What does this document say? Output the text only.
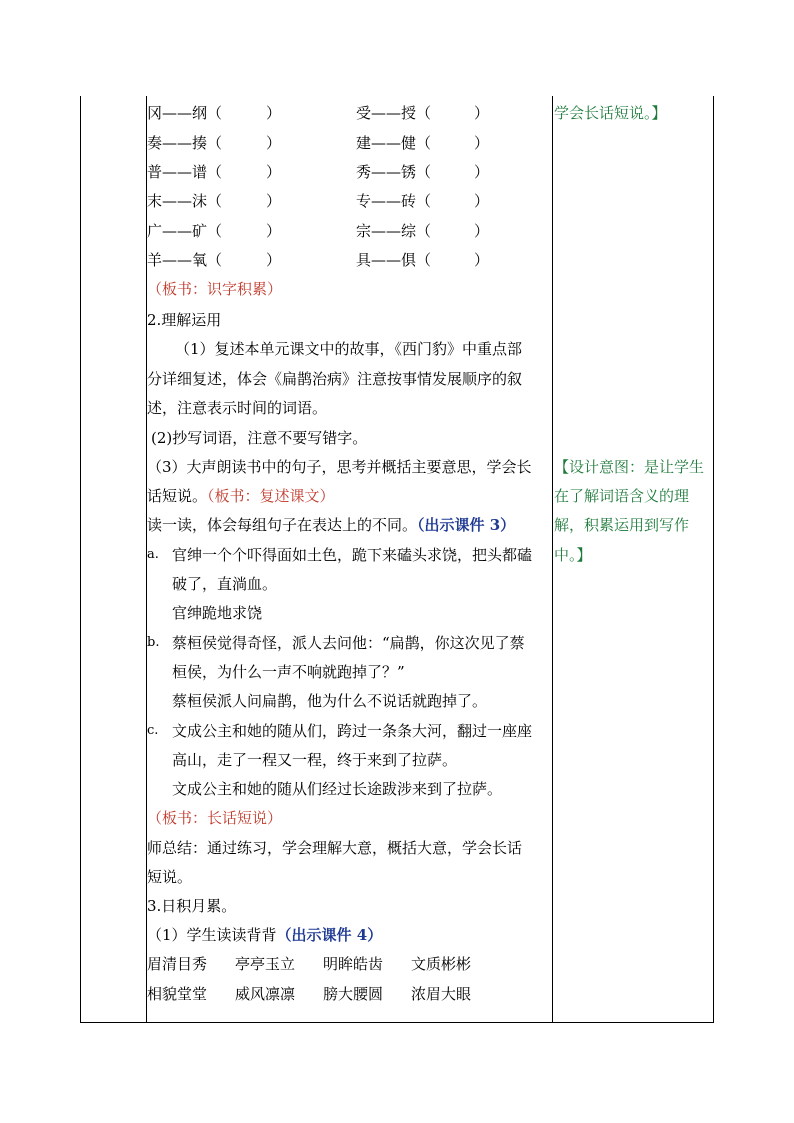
冈——纲（	）	受——授（	）
奏——揍（	）	建——健（	）
普——谱（	）	秀——锈（	）
末——沫（	）	专——砖（	）
广——矿（	）	宗——综（	）
羊——氧（	）	具——俱（	）
（板书：识字积累）
2.理解运用
（1）复述本单元课文中的故事，《西门豹》中重点部
分详细复述，体会《扁鹊治病》注意按事情发展顺序的叙
述，注意表示时间的词语。
(2)抄写词语，注意不要写错字。
（3）大声朗读书中的句子，思考并概括主要意思，学会长
话短说。（板书：复述课文）
读一读，体会每组句子在表达上的不同。（出示课件 3）
a. 官绅一个个吓得面如土色，跪下来磕头求饶，把头都磕
破了，直淌血。
官绅跪地求饶
b. 蔡桓侯觉得奇怪，派人去问他：“扁鹊，你这次见了蔡
桓侯，为什么一声不响就跑掉了？”
蔡桓侯派人问扁鹊，他为什么不说话就跑掉了。
c. 文成公主和她的随从们，跨过一条条大河，翻过一座座
高山，走了一程又一程，终于来到了拉萨。
文成公主和她的随从们经过长途跋涉来到了拉萨。
（板书：长话短说）
师总结：通过练习，学会理解大意，概括大意，学会长话
短说。
3.日积月累。
（1）学生读读背背（出示课件 4）
眉清目秀 亭亭玉立 明眸皓齿 文质彬彬
相貌堂堂 威风凛凛 膀大腰圆 浓眉大眼
学会长话短说。】
【设计意图：是让学生
在了解词语含义的理
解，积累运用到写作
中。】
